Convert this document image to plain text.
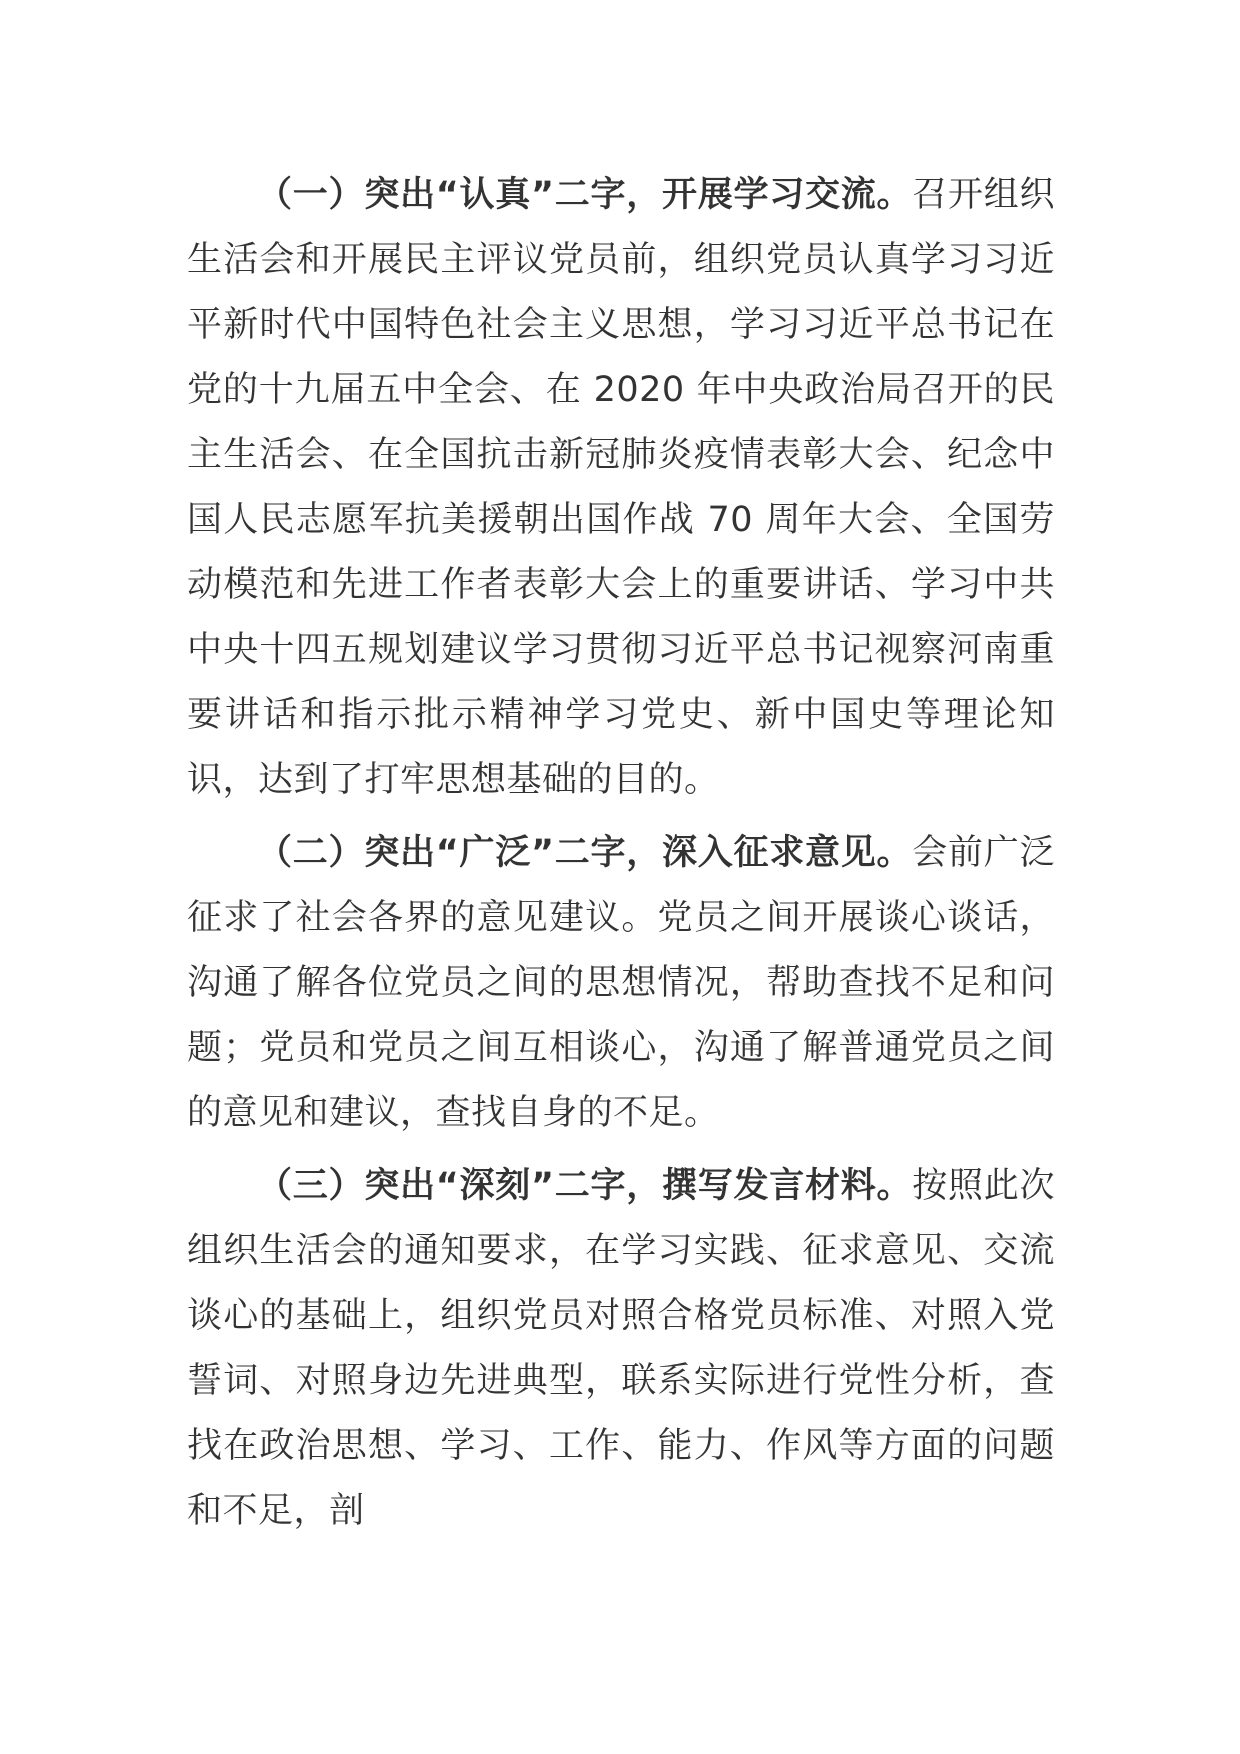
（一）突出“认真”二字，开展学习交流。召开组织生活会和开展民主评议党员前，组织党员认真学习习近平新时代中国特色社会主义思想，学习习近平总书记在党的十九届五中全会、在 2020 年中央政治局召开的民主生活会、在全国抗击新冠肺炎疫情表彰大会、纪念中国人民志愿军抗美援朝出国作战 70 周年大会、全国劳动模范和先进工作者表彰大会上的重要讲话、学习中共中央十四五规划建议学习贯彻习近平总书记视察河南重要讲话和指示批示精神学习党史、新中国史等理论知识，达到了打牢思想基础的目的。

（二）突出“广泛”二字，深入征求意见。会前广泛征求了社会各界的意见建议。党员之间开展谈心谈话，沟通了解各位党员之间的思想情况，帮助查找不足和问题；党员和党员之间互相谈心，沟通了解普通党员之间的意见和建议，查找自身的不足。

（三）突出“深刻”二字，撰写发言材料。按照此次组织生活会的通知要求，在学习实践、征求意见、交流谈心的基础上，组织党员对照合格党员标准、对照入党誓词、对照身边先进典型，联系实际进行党性分析，查找在政治思想、学习、工作、能力、作风等方面的问题和不足，剖
